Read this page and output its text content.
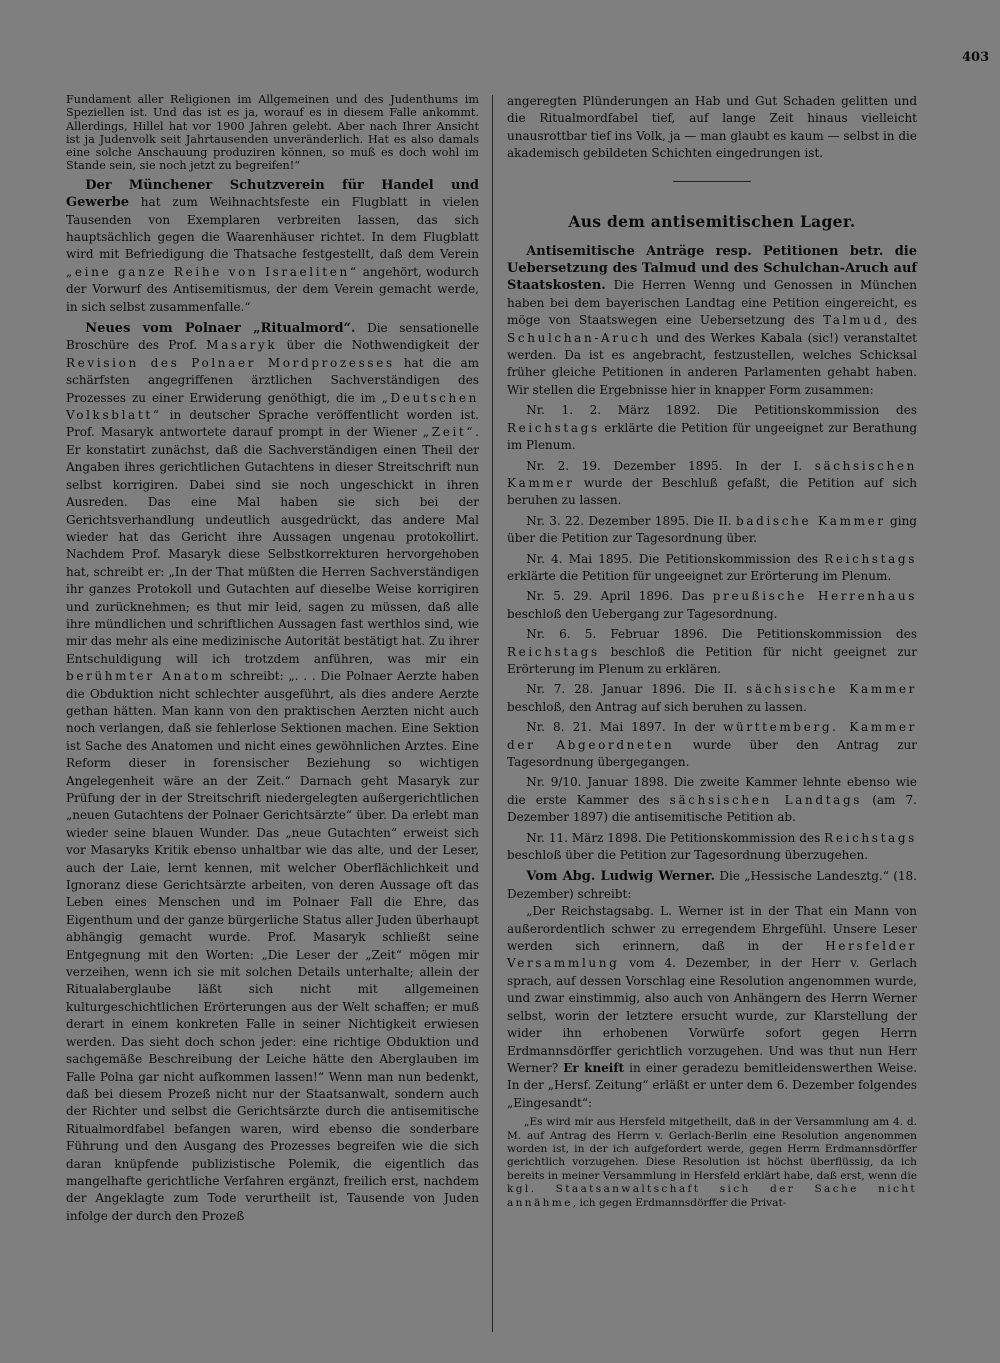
403

Fundament aller Religionen im Allgemeinen und des Judenthums im Speziellen ist. Und das ist es ja, worauf es in diesem Falle ankommt. Allerdings, Hillel hat vor 1900 Jahren gelebt. Aber nach Ihrer Ansicht ist ja Judenvolk seit Jahrtausenden unveränderlich. Hat es also damals eine solche Anschauung produziren können, so muß es doch wohl im Stande sein, sie noch jetzt zu begreifen!“

Der Münchener Schutzverein für Handel und Gewerbe hat zum Weihnachtsfeste ein Flugblatt in vielen Tausenden von Exemplaren verbreiten lassen, das sich hauptsächlich gegen die Waarenhäuser richtet. In dem Flugblatt wird mit Befriedigung die Thatsache festgestellt, daß dem Verein „eine ganze Reihe von Israeliten“ angehört, wodurch der Vorwurf des Antisemitismus, der dem Verein gemacht werde, in sich selbst zusammenfalle.“

Neues vom Polnaer „Ritualmord“. Die sensationelle Broschüre des Prof. Masaryk über die Nothwendigkeit der Revision des Polnaer Mordprozesses hat die am schärfsten angegriffenen ärztlichen Sachverständigen des Prozesses zu einer Erwiderung genöthigt, die im „Deutschen Volksblatt“ in deutscher Sprache veröffentlicht worden ist. Prof. Masaryk antwortete darauf prompt in der Wiener „Zeit“. Er konstatirt zunächst, daß die Sachverständigen einen Theil der Angaben ihres gerichtlichen Gutachtens in dieser Streitschrift nun selbst korrigiren. Dabei sind sie noch ungeschickt in ihren Ausreden. Das eine Mal haben sie sich bei der Gerichtsverhandlung undeutlich ausgedrückt, das andere Mal wieder hat das Gericht ihre Aussagen ungenau protokollirt. Nachdem Prof. Masaryk diese Selbstkorrekturen hervorgehoben hat, schreibt er: „In der That müßten die Herren Sachverständigen ihr ganzes Protokoll und Gutachten auf dieselbe Weise korrigiren und zurücknehmen; es thut mir leid, sagen zu müssen, daß alle ihre mündlichen und schriftlichen Aussagen fast werthlos sind, wie mir das mehr als eine medizinische Autorität bestätigt hat. Zu ihrer Entschuldigung will ich trotzdem anführen, was mir ein berühmter Anatom schreibt: „. . . Die Polnaer Aerzte haben die Obduktion nicht schlechter ausgeführt, als dies andere Aerzte gethan hätten. Man kann von den praktischen Aerzten nicht auch noch verlangen, daß sie fehlerlose Sektionen machen. Eine Sektion ist Sache des Anatomen und nicht eines gewöhnlichen Arztes. Eine Reform dieser in forensischer Beziehung so wichtigen Angelegenheit wäre an der Zeit.“ Darnach geht Masaryk zur Prüfung der in der Streitschrift niedergelegten außergerichtlichen „neuen Gutachtens der Polnaer Gerichtsärzte“ über. Da erlebt man wieder seine blauen Wunder. Das „neue Gutachten“ erweist sich vor Masaryks Kritik ebenso unhaltbar wie das alte, und der Leser, auch der Laie, lernt kennen, mit welcher Oberflächlichkeit und Ignoranz diese Gerichtsärzte arbeiten, von deren Aussage oft das Leben eines Menschen und im Polnaer Fall die Ehre, das Eigenthum und der ganze bürgerliche Status aller Juden überhaupt abhängig gemacht wurde. Prof. Masaryk schließt seine Entgegnung mit den Worten: „Die Leser der „Zeit“ mögen mir verzeihen, wenn ich sie mit solchen Details unterhalte; allein der Ritualaberglaube läßt sich nicht mit allgemeinen kulturgeschichtlichen Erörterungen aus der Welt schaffen; er muß derart in einem konkreten Falle in seiner Nichtigkeit erwiesen werden. Das sieht doch schon jeder: eine richtige Obduktion und sachgemäße Beschreibung der Leiche hätte den Aberglauben im Falle Polna gar nicht aufkommen lassen!“ Wenn man nun bedenkt, daß bei diesem Prozeß nicht nur der Staatsanwalt, sondern auch der Richter und selbst die Gerichtsärzte durch die antisemitische Ritualmordfabel befangen waren, wird ebenso die sonderbare Führung und den Ausgang des Prozesses begreifen wie die sich daran knüpfende publizistische Polemik, die eigentlich das mangelhafte gerichtliche Verfahren ergänzt, freilich erst, nachdem der Angeklagte zum Tode verurtheilt ist, Tausende von Juden infolge der durch den Prozeß

angeregten Plünderungen an Hab und Gut Schaden gelitten und die Ritualmordfabel tief, auf lange Zeit hinaus vielleicht unausrottbar tief ins Volk, ja — man glaubt es kaum — selbst in die akademisch gebildeten Schichten eingedrungen ist.

Aus dem antisemitischen Lager.

Antisemitische Anträge resp. Petitionen betr. die Uebersetzung des Talmud und des Schulchan-Aruch auf Staatskosten. Die Herren Wenng und Genossen in München haben bei dem bayerischen Landtag eine Petition eingereicht, es möge von Staatswegen eine Uebersetzung des Talmud, des Schulchan-Aruch und des Werkes Kabala (sic!) veranstaltet werden. Da ist es angebracht, festzustellen, welches Schicksal früher gleiche Petitionen in anderen Parlamenten gehabt haben. Wir stellen die Ergebnisse hier in knapper Form zusammen:

Nr. 1. 2. März 1892. Die Petitionskommission des Reichstags erklärte die Petition für ungeeignet zur Berathung im Plenum.

Nr. 2. 19. Dezember 1895. In der I. sächsischen Kammer wurde der Beschluß gefaßt, die Petition auf sich beruhen zu lassen.

Nr. 3. 22. Dezember 1895. Die II. badische Kammer ging über die Petition zur Tagesordnung über.

Nr. 4. Mai 1895. Die Petitionskommission des Reichstags erklärte die Petition für ungeeignet zur Erörterung im Plenum.

Nr. 5. 29. April 1896. Das preußische Herrenhaus beschloß den Uebergang zur Tagesordnung.

Nr. 6. 5. Februar 1896. Die Petitionskommission des Reichstags beschloß die Petition für nicht geeignet zur Erörterung im Plenum zu erklären.

Nr. 7. 28. Januar 1896. Die II. sächsische Kammer beschloß, den Antrag auf sich beruhen zu lassen.

Nr. 8. 21. Mai 1897. In der württemberg. Kammer der Abgeordneten wurde über den Antrag zur Tagesordnung übergegangen.

Nr. 9/10. Januar 1898. Die zweite Kammer lehnte ebenso wie die erste Kammer des sächsischen Landtags (am 7. Dezember 1897) die antisemitische Petition ab.

Nr. 11. März 1898. Die Petitionskommission des Reichstags beschloß über die Petition zur Tagesordnung überzugehen.

Vom Abg. Ludwig Werner. Die „Hessische Landesztg.“ (18. Dezember) schreibt:

„Der Reichstagsabg. L. Werner ist in der That ein Mann von außerordentlich schwer zu erregendem Ehrgefühl. Unsere Leser werden sich erinnern, daß in der Hersfelder Versammlung vom 4. Dezember, in der Herr v. Gerlach sprach, auf dessen Vorschlag eine Resolution angenommen wurde, und zwar einstimmig, also auch von Anhängern des Herrn Werner selbst, worin der letztere ersucht wurde, zur Klarstellung der wider ihn erhobenen Vorwürfe sofort gegen Herrn Erdmannsdörffer gerichtlich vorzugehen. Und was thut nun Herr Werner? Er kneift in einer geradezu bemitleidenswerthen Weise. In der „Hersf. Zeitung“ erläßt er unter dem 6. Dezember folgendes „Eingesandt“:

„Es wird mir aus Hersfeld mitgetheilt, daß in der Versammlung am 4. d. M. auf Antrag des Herrn v. Gerlach-Berlin eine Resolution angenommen worden ist, in der ich aufgefordert werde, gegen Herrn Erdmannsdörffer gerichtlich vorzugehen. Diese Resolution ist höchst überflüssig, da ich bereits in meiner Versammlung in Hersfeld erklärt habe, daß erst, wenn die kgl. Staatsanwaltschaft sich der Sache nicht annähme, ich gegen Erdmannsdörffer die Privat-
